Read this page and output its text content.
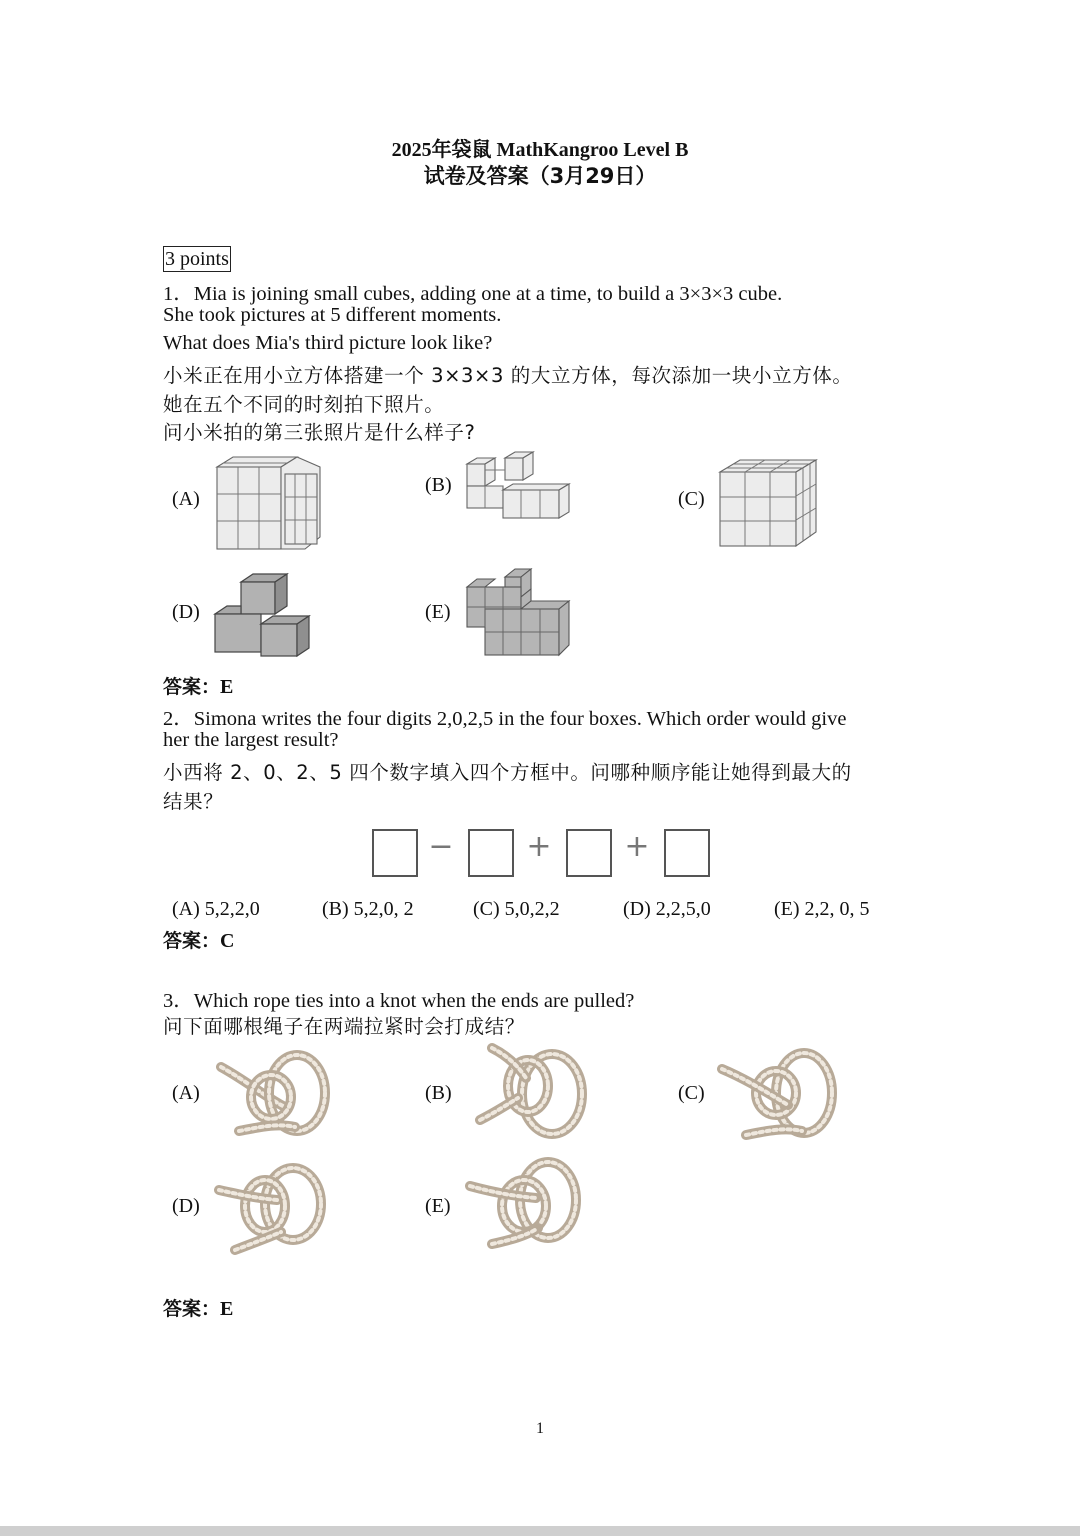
2025年袋鼠 MathKangroo Level B
试卷及答案（3月29日）
3 points
1．Mia is joining small cubes, adding one at a time, to build a 3×3×3 cube.
She took pictures at 5 different moments.
What does Mia's third picture look like?
小米正在用小立方体搭建一个 3×3×3 的大立方体，每次添加一块小立方体。
她在五个不同的时刻拍下照片。
问小米拍的第三张照片是什么样子?
(A)
(B)
(C)
(D)	(E)
答案：E
2．Simona writes the four digits 2,0,2,5 in the four boxes. Which order would give
her the largest result?
小西将 2、0、2、5 四个数字填入四个方框中。问哪种顺序能让她得到最大的
结果？
− + +
(A) 5,2,2,0	(B) 5,2,0, 2	(C) 5,0,2,2	(D) 2,2,5,0	(E) 2,2, 0, 5
答案：C
3．Which rope ties into a knot when the ends are pulled?
问下面哪根绳子在两端拉紧时会打成结？
(A)	(B)	(C)
(D)	(E)
答案：E
1
